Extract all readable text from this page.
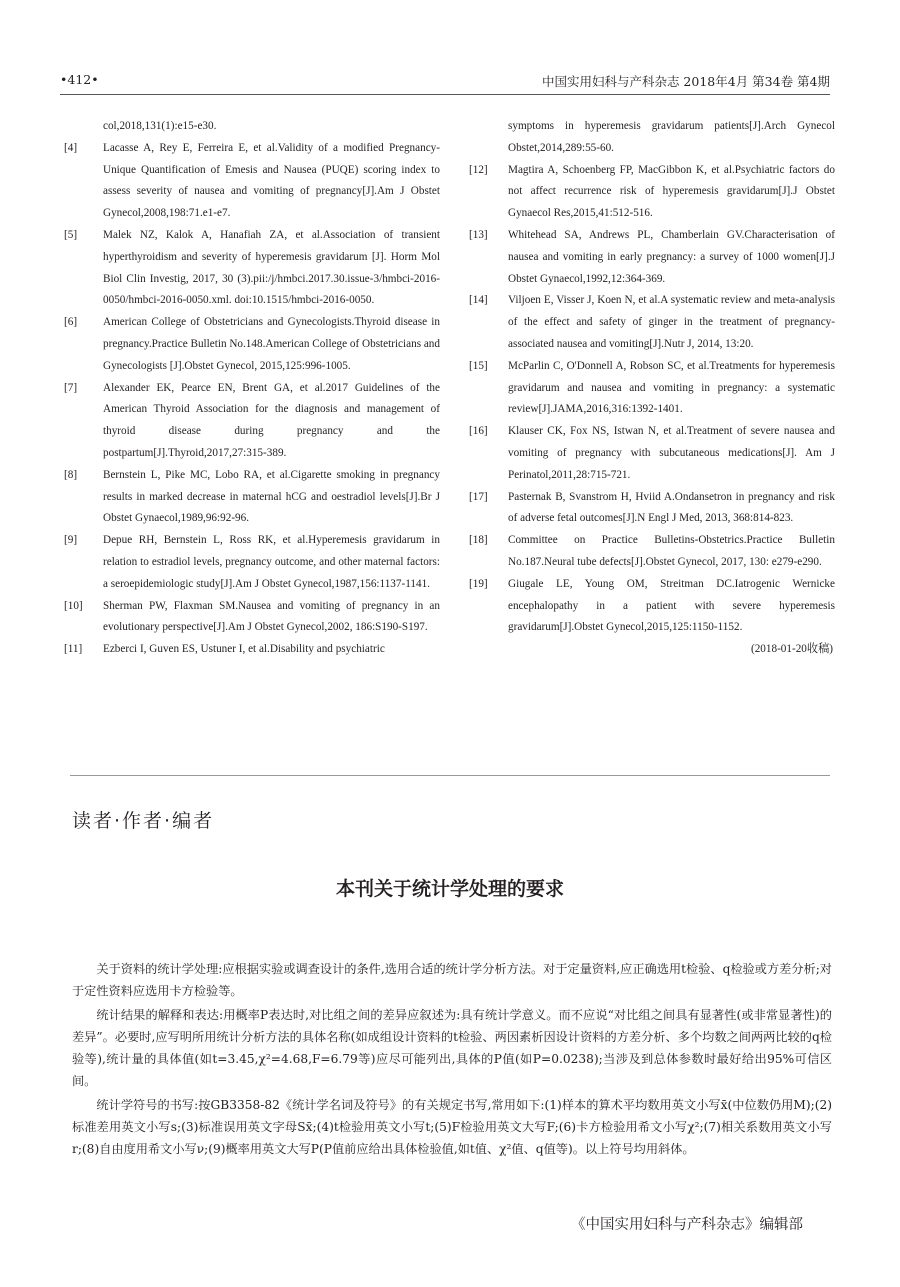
•412•	中国实用妇科与产科杂志 2018年4月 第34卷 第4期
col,2018,131(1):e15-e30.
[4] Lacasse A, Rey E, Ferreira E, et al.Validity of a modified Pregnancy-Unique Quantification of Emesis and Nausea (PUQE) scoring index to assess severity of nausea and vomiting of pregnancy[J].Am J Obstet Gynecol,2008,198:71.e1-e7.
[5] Malek NZ, Kalok A, Hanafiah ZA, et al.Association of transient hyperthyroidism and severity of hyperemesis gravidarum [J]. Horm Mol Biol Clin Investig, 2017, 30 (3).pii:/j/hmbci.2017.30.issue-3/hmbci-2016-0050/hmbci-2016-0050.xml. doi:10.1515/hmbci-2016-0050.
[6] American College of Obstetricians and Gynecologists.Thyroid disease in pregnancy.Practice Bulletin No.148.American College of Obstetricians and Gynecologists [J].Obstet Gynecol, 2015,125:996-1005.
[7] Alexander EK, Pearce EN, Brent GA, et al.2017 Guidelines of the American Thyroid Association for the diagnosis and management of thyroid disease during pregnancy and the postpartum[J].Thyroid,2017,27:315-389.
[8] Bernstein L, Pike MC, Lobo RA, et al.Cigarette smoking in pregnancy results in marked decrease in maternal hCG and oestradiol levels[J].Br J Obstet Gynaecol,1989,96:92-96.
[9] Depue RH, Bernstein L, Ross RK, et al.Hyperemesis gravidarum in relation to estradiol levels, pregnancy outcome, and other maternal factors: a seroepidemiologic study[J].Am J Obstet Gynecol,1987,156:1137-1141.
[10] Sherman PW, Flaxman SM.Nausea and vomiting of pregnancy in an evolutionary perspective[J].Am J Obstet Gynecol,2002, 186:S190-S197.
[11] Ezberci I, Guven ES, Ustuner I, et al.Disability and psychiatric
symptoms in hyperemesis gravidarum patients[J].Arch Gynecol Obstet,2014,289:55-60.
[12] Magtira A, Schoenberg FP, MacGibbon K, et al.Psychiatric factors do not affect recurrence risk of hyperemesis gravidarum[J].J Obstet Gynaecol Res,2015,41:512-516.
[13] Whitehead SA, Andrews PL, Chamberlain GV.Characterisation of nausea and vomiting in early pregnancy: a survey of 1000 women[J].J Obstet Gynaecol,1992,12:364-369.
[14] Viljoen E, Visser J, Koen N, et al.A systematic review and meta-analysis of the effect and safety of ginger in the treatment of pregnancy-associated nausea and vomiting[J].Nutr J, 2014, 13:20.
[15] McParlin C, O'Donnell A, Robson SC, et al.Treatments for hyperemesis gravidarum and nausea and vomiting in pregnancy: a systematic review[J].JAMA,2016,316:1392-1401.
[16] Klauser CK, Fox NS, Istwan N, et al.Treatment of severe nausea and vomiting of pregnancy with subcutaneous medications[J]. Am J Perinatol,2011,28:715-721.
[17] Pasternak B, Svanstrom H, Hviid A.Ondansetron in pregnancy and risk of adverse fetal outcomes[J].N Engl J Med, 2013, 368:814-823.
[18] Committee on Practice Bulletins-Obstetrics.Practice Bulletin No.187.Neural tube defects[J].Obstet Gynecol, 2017, 130: e279-e290.
[19] Giugale LE, Young OM, Streitman DC.Iatrogenic Wernicke encephalopathy in a patient with severe hyperemesis gravidarum[J].Obstet Gynecol,2015,125:1150-1152.
(2018-01-20收稿)
读者·作者·编者
本刊关于统计学处理的要求

关于资料的统计学处理:应根据实验或调查设计的条件,选用合适的统计学分析方法。对于定量资料,应正确选用t检验、q检验或方差分析;对于定性资料应选用卡方检验等。

统计结果的解释和表达:用概率P表达时,对比组之间的差异应叙述为:具有统计学意义。而不应说“对比组之间具有显著性(或非常显著性)的差异”。必要时,应写明所用统计分析方法的具体名称(如成组设计资料的t检验、两因素析因设计资料的方差分析、多个均数之间两两比较的q检验等),统计量的具体值(如t=3.45,χ²=4.68,F=6.79等)应尽可能列出,具体的P值(如P=0.0238);当涉及到总体参数时最好给出95%可信区间。

统计学符号的书写:按GB3358-82《统计学名词及符号》的有关规定书写,常用如下:(1)样本的算术平均数用英文小写x̄(中位数仍用M);(2)标准差用英文小写s;(3)标准误用英文字母Sx̄;(4)t检验用英文小写t;(5)F检验用英文大写F;(6)卡方检验用希文小写χ²;(7)相关系数用英文小写r;(8)自由度用希文小写ν;(9)概率用英文大写P(P值前应给出具体检验值,如t值、χ²值、q值等)。以上符号均用斜体。

《中国实用妇科与产科杂志》编辑部
